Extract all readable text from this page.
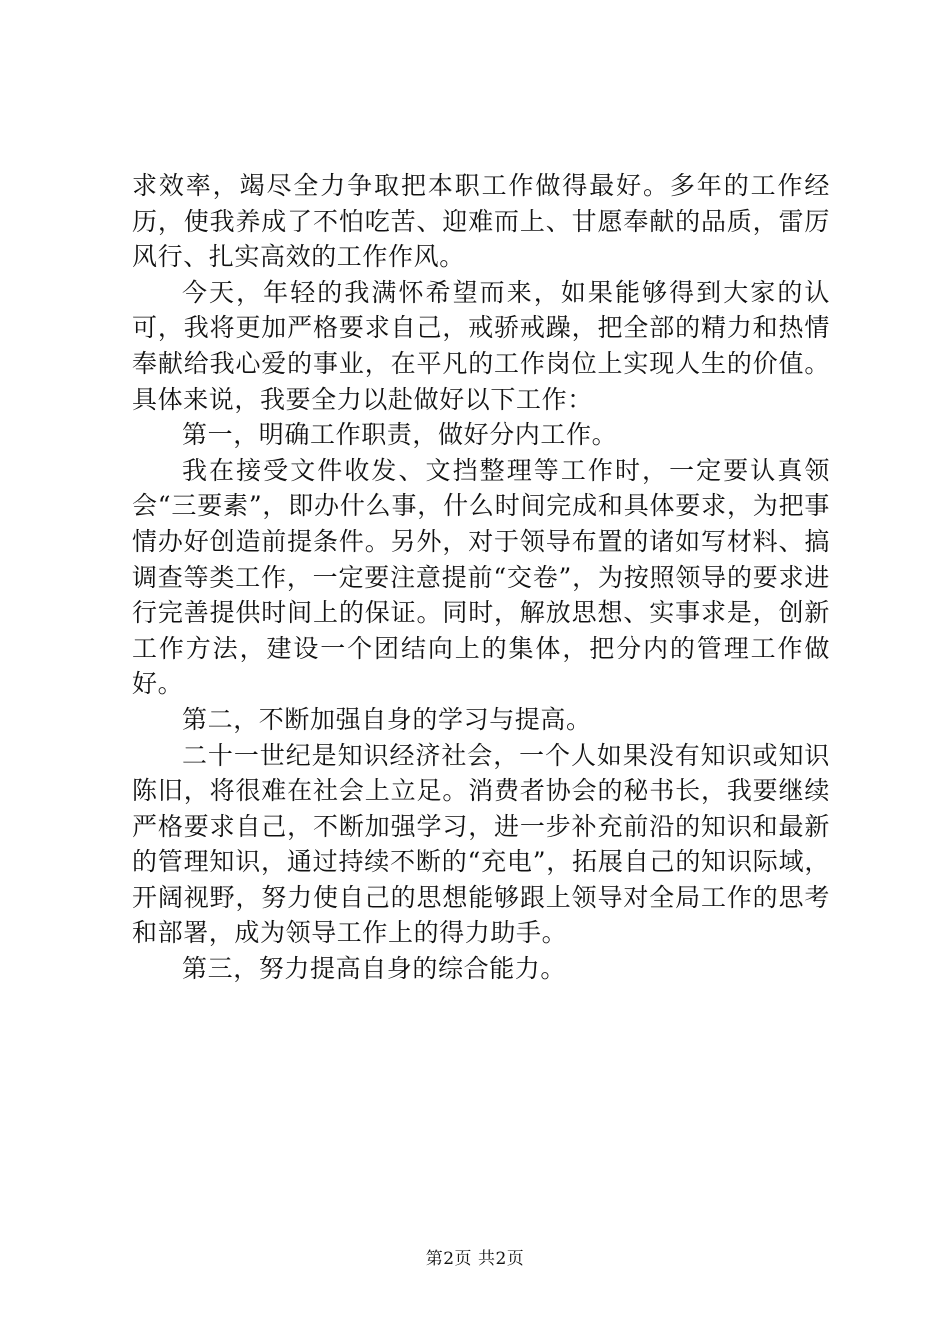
求效率，竭尽全力争取把本职工作做得最好。多年的工作经历，使我养成了不怕吃苦、迎难而上、甘愿奉献的品质，雷厉风行、扎实高效的工作作风。

今天，年轻的我满怀希望而来，如果能够得到大家的认可，我将更加严格要求自己，戒骄戒躁，把全部的精力和热情奉献给我心爱的事业，在平凡的工作岗位上实现人生的价值。具体来说，我要全力以赴做好以下工作：

第一，明确工作职责，做好分内工作。

我在接受文件收发、文挡整理等工作时，一定要认真领会“三要素”，即办什么事，什么时间完成和具体要求，为把事情办好创造前提条件。另外，对于领导布置的诸如写材料、搞调查等类工作，一定要注意提前“交卷”，为按照领导的要求进行完善提供时间上的保证。同时，解放思想、实事求是，创新工作方法，建设一个团结向上的集体，把分内的管理工作做好。

第二，不断加强自身的学习与提高。

二十一世纪是知识经济社会，一个人如果没有知识或知识陈旧，将很难在社会上立足。消费者协会的秘书长，我要继续严格要求自己，不断加强学习，进一步补充前沿的知识和最新的管理知识，通过持续不断的“充电”，拓展自己的知识际域，开阔视野，努力使自己的思想能够跟上领导对全局工作的思考和部署，成为领导工作上的得力助手。

第三，努力提高自身的综合能力。

第2页 共2页
